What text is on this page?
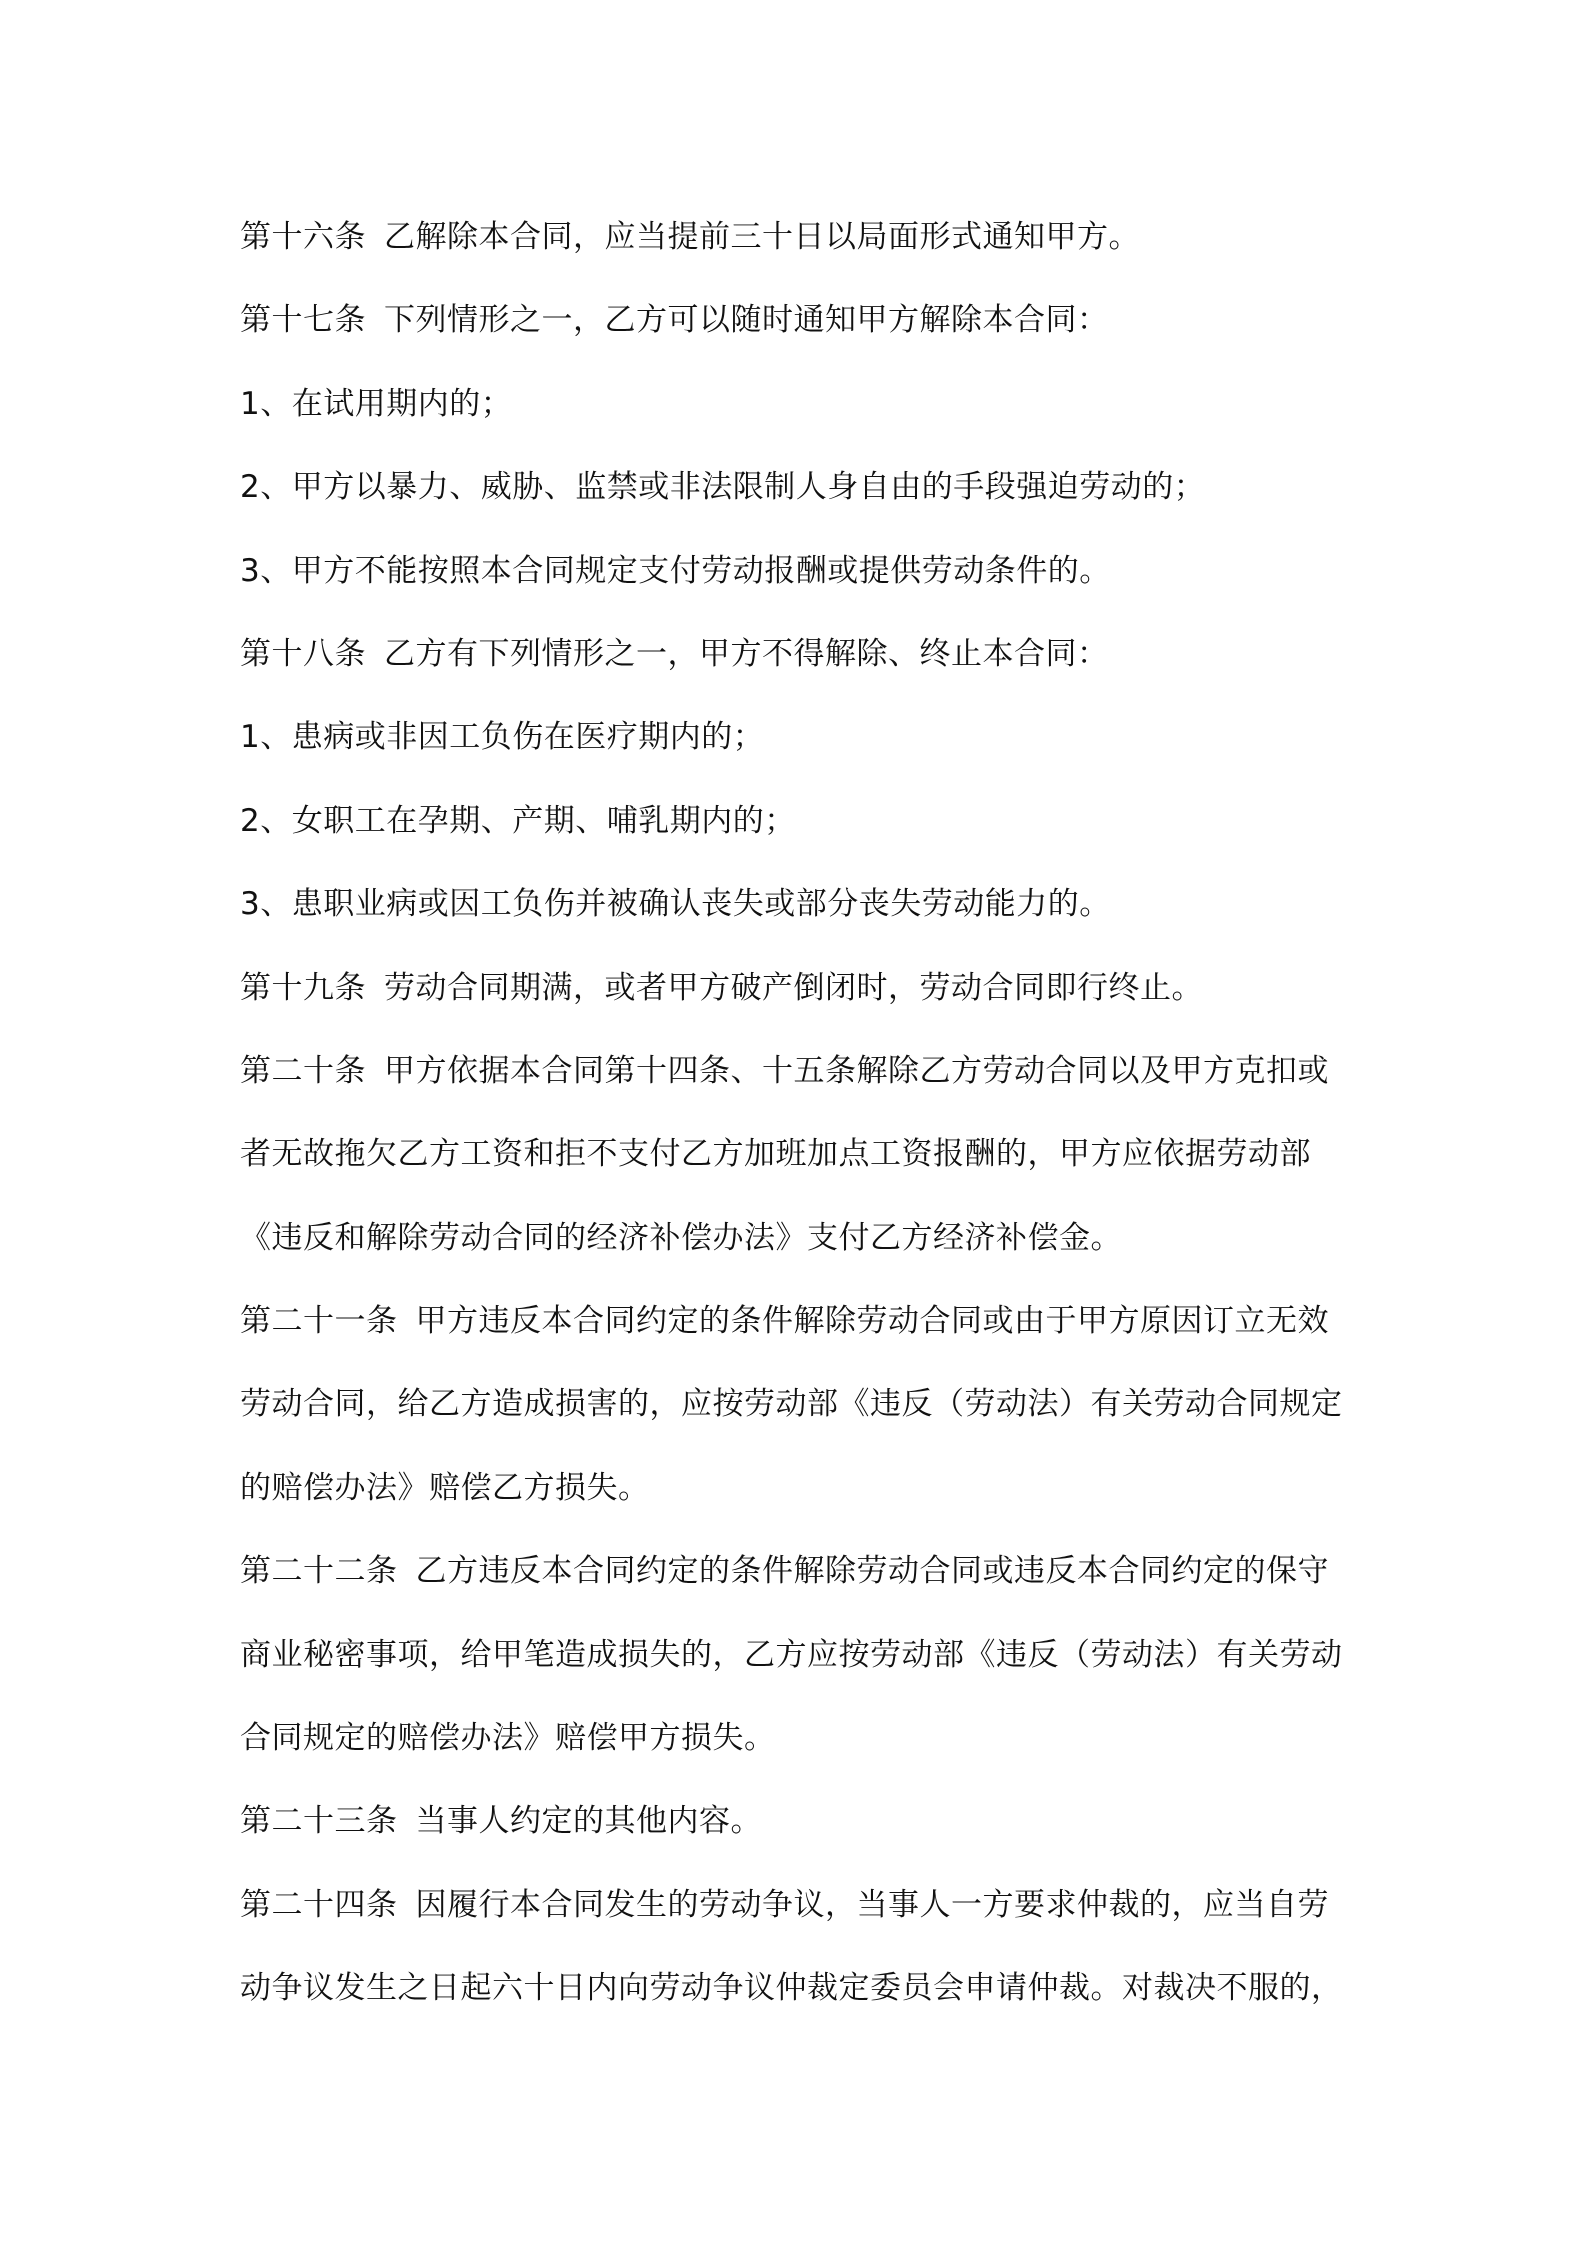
第十六条 乙解除本合同，应当提前三十日以局面形式通知甲方。
第十七条 下列情形之一，乙方可以随时通知甲方解除本合同：
1、在试用期内的；
2、甲方以暴力、威胁、监禁或非法限制人身自由的手段强迫劳动的；
3、甲方不能按照本合同规定支付劳动报酬或提供劳动条件的。
第十八条 乙方有下列情形之一，甲方不得解除、终止本合同：
1、患病或非因工负伤在医疗期内的；
2、女职工在孕期、产期、哺乳期内的；
3、患职业病或因工负伤并被确认丧失或部分丧失劳动能力的。
第十九条 劳动合同期满，或者甲方破产倒闭时，劳动合同即行终止。
第二十条 甲方依据本合同第十四条、十五条解除乙方劳动合同以及甲方克扣或
者无故拖欠乙方工资和拒不支付乙方加班加点工资报酬的，甲方应依据劳动部
《违反和解除劳动合同的经济补偿办法》支付乙方经济补偿金。
第二十一条 甲方违反本合同约定的条件解除劳动合同或由于甲方原因订立无效
劳动合同，给乙方造成损害的，应按劳动部《违反（劳动法）有关劳动合同规定
的赔偿办法》赔偿乙方损失。
第二十二条 乙方违反本合同约定的条件解除劳动合同或违反本合同约定的保守
商业秘密事项，给甲笔造成损失的，乙方应按劳动部《违反（劳动法）有关劳动
合同规定的赔偿办法》赔偿甲方损失。
第二十三条 当事人约定的其他内容。
第二十四条 因履行本合同发生的劳动争议，当事人一方要求仲裁的，应当自劳
动争议发生之日起六十日内向劳动争议仲裁定委员会申请仲裁。对裁决不服的，
